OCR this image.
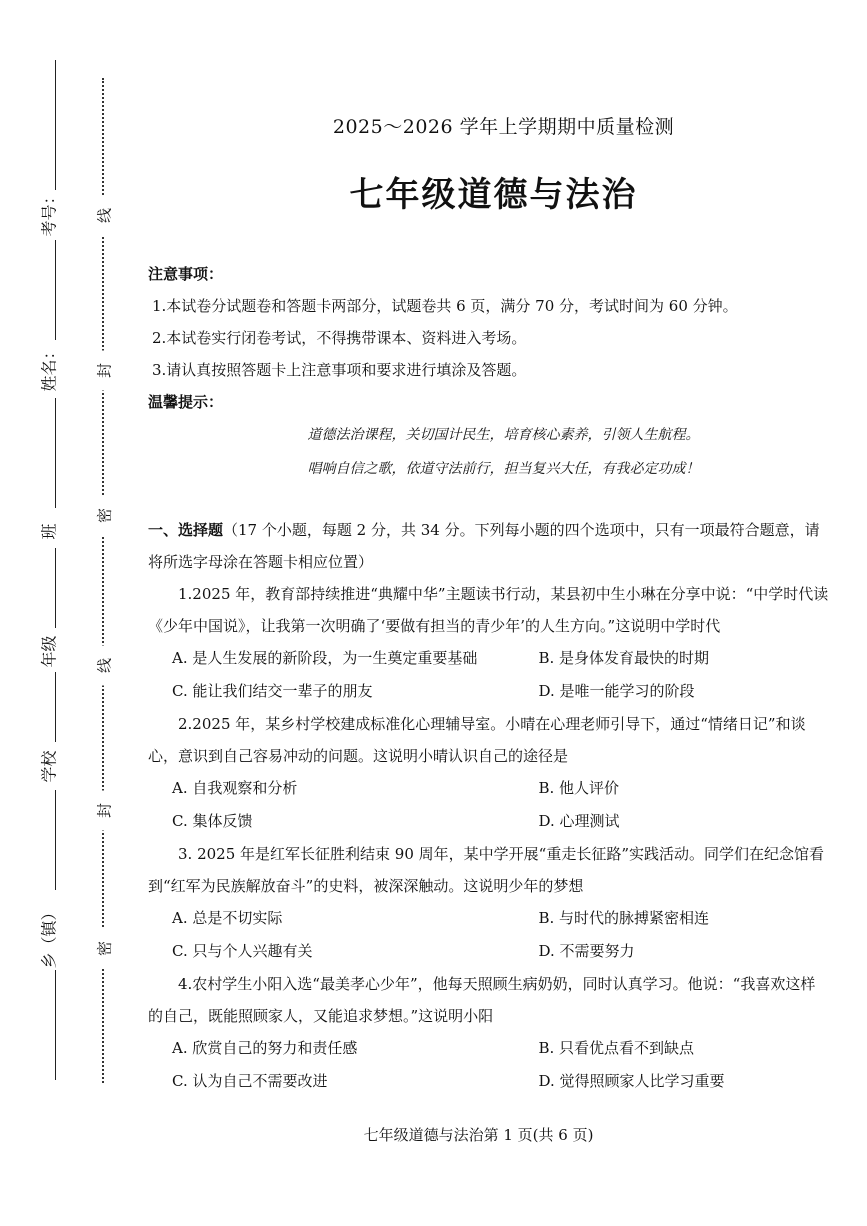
考号：
姓名：
班
年级
学校
乡（镇）
线
封
密
线
封
密
2025～2026 学年上学期期中质量检测
七年级道德与法治
注意事项：
1.本试卷分试题卷和答题卡两部分，试题卷共 6 页，满分 70 分，考试时间为 60 分钟。
2.本试卷实行闭卷考试，不得携带课本、资料进入考场。
3.请认真按照答题卡上注意事项和要求进行填涂及答题。
温馨提示：
道德法治课程，关切国计民生，培育核心素养，引领人生航程。
唱响自信之歌，依道守法前行，担当复兴大任，有我必定功成！
一、选择题（17 个小题，每题 2 分，共 34 分。下列每小题的四个选项中，只有一项最符合题意，请将所选字母涂在答题卡相应位置）
1.2025 年，教育部持续推进“典耀中华”主题读书行动，某县初中生小琳在分享中说：“中学时代读《少年中国说》，让我第一次明确了‘要做有担当的青少年’的人生方向。”这说明中学时代
A. 是人生发展的新阶段，为一生奠定重要基础	B. 是身体发育最快的时期
C. 能让我们结交一辈子的朋友	D. 是唯一能学习的阶段
2.2025 年，某乡村学校建成标准化心理辅导室。小晴在心理老师引导下，通过“情绪日记”和谈心，意识到自己容易冲动的问题。这说明小晴认识自己的途径是
A. 自我观察和分析	B. 他人评价
C. 集体反馈	D. 心理测试
3. 2025 年是红军长征胜利结束 90 周年，某中学开展“重走长征路”实践活动。同学们在纪念馆看到“红军为民族解放奋斗”的史料，被深深触动。这说明少年的梦想
A. 总是不切实际	B. 与时代的脉搏紧密相连
C. 只与个人兴趣有关	D. 不需要努力
4.农村学生小阳入选“最美孝心少年”，他每天照顾生病奶奶，同时认真学习。他说：“我喜欢这样的自己，既能照顾家人，又能追求梦想。”这说明小阳
A. 欣赏自己的努力和责任感	B. 只看优点看不到缺点
C. 认为自己不需要改进	D. 觉得照顾家人比学习重要
七年级道德与法治第 1 页(共 6 页)
